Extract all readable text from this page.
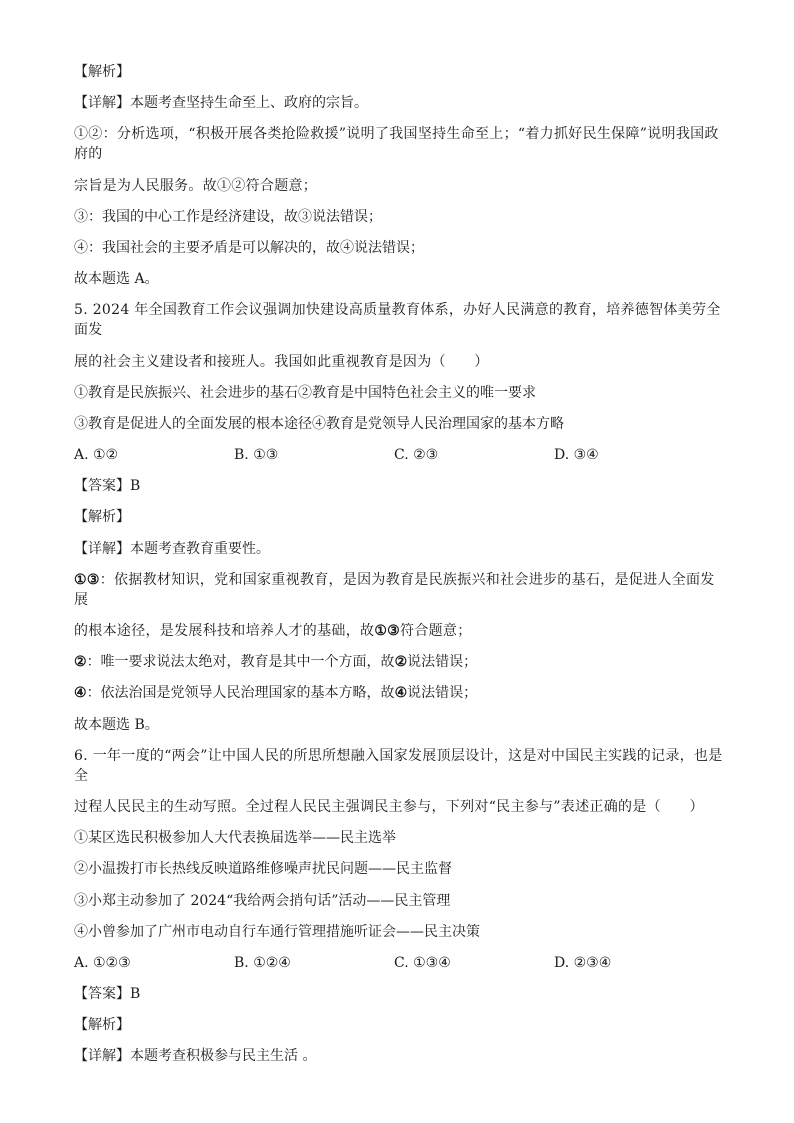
【解析】
【详解】本题考查坚持生命至上、政府的宗旨。
①②：分析选项，“积极开展各类抢险救援”说明了我国坚持生命至上；“着力抓好民生保障”说明我国政府的
宗旨是为人民服务。故①②符合题意；
③：我国的中心工作是经济建设，故③说法错误；
④：我国社会的主要矛盾是可以解决的，故④说法错误；
故本题选 A。
5. 2024 年全国教育工作会议强调加快建设高质量教育体系，办好人民满意的教育，培养德智体美劳全面发
展的社会主义建设者和接班人。我国如此重视教育是因为（　　）
①教育是民族振兴、社会进步的基石②教育是中国特色社会主义的唯一要求
③教育是促进人的全面发展的根本途径④教育是党领导人民治理国家的基本方略
A. ①②	B. ①③	C. ②③	D. ③④
【答案】B
【解析】
【详解】本题考查教育重要性。
①③：依据教材知识，党和国家重视教育，是因为教育是民族振兴和社会进步的基石，是促进人全面发展
的根本途径，是发展科技和培养人才的基础，故①③符合题意；
②：唯一要求说法太绝对，教育是其中一个方面，故②说法错误；
④：依法治国是党领导人民治理国家的基本方略，故④说法错误；
故本题选 B。
6. 一年一度的“两会”让中国人民的所思所想融入国家发展顶层设计，这是对中国民主实践的记录，也是全
过程人民民主的生动写照。全过程人民民主强调民主参与，下列对“民主参与”表述正确的是（　　）
①某区选民积极参加人大代表换届选举——民主选举
②小温拨打市长热线反映道路维修噪声扰民问题——民主监督
③小郑主动参加了 2024“我给两会捎句话”活动——民主管理
④小曾参加了广州市电动自行车通行管理措施听证会——民主决策
A. ①②③	B. ①②④	C. ①③④	D. ②③④
【答案】B
【解析】
【详解】本题考查积极参与民主生活 。
